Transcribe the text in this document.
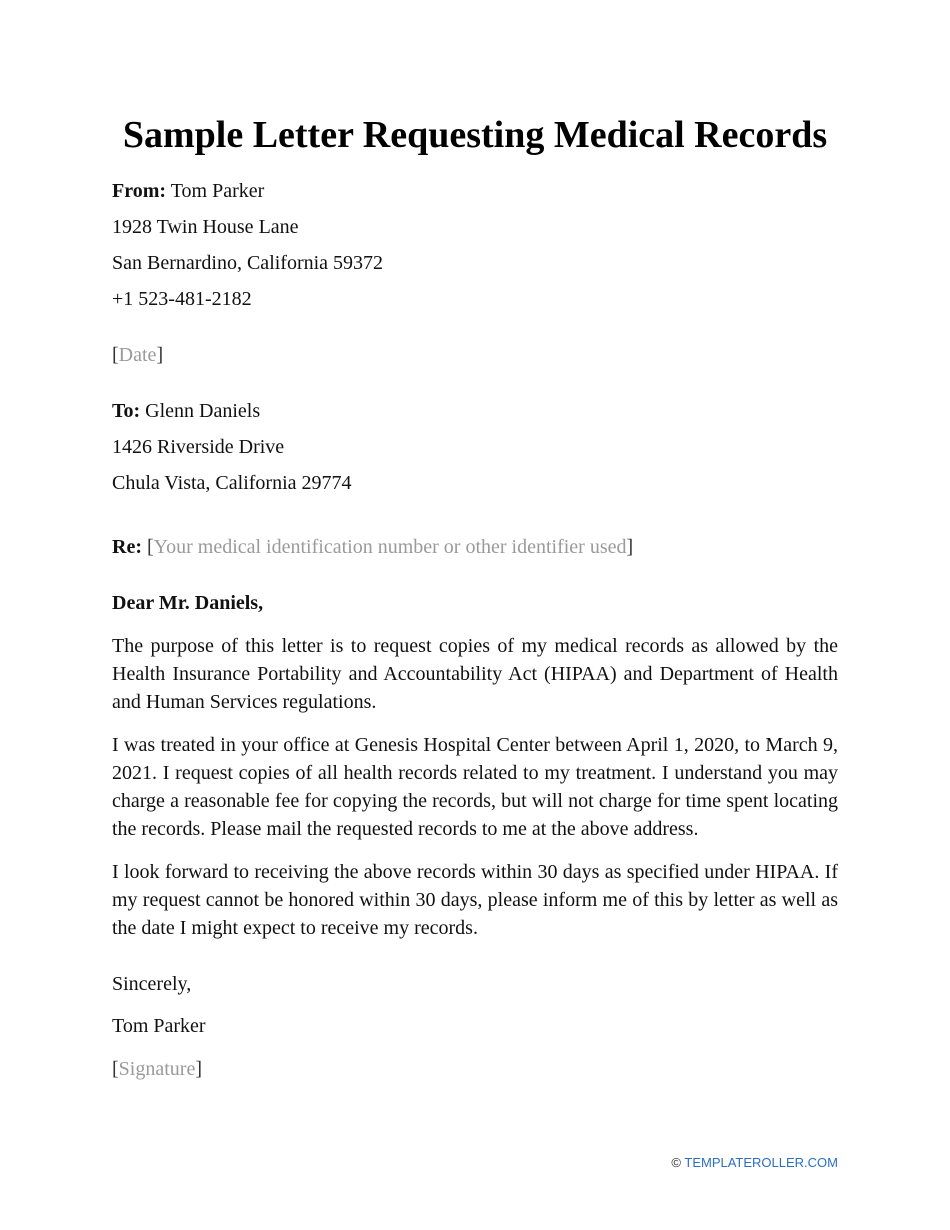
Sample Letter Requesting Medical Records

From: Tom Parker

1928 Twin House Lane

San Bernardino, California 59372

+1 523-481-2182

[Date]

To: Glenn Daniels

1426 Riverside Drive

Chula Vista, California 29774

Re: [Your medical identification number or other identifier used]

Dear Mr. Daniels,

The purpose of this letter is to request copies of my medical records as allowed by the Health Insurance Portability and Accountability Act (HIPAA) and Department of Health and Human Services regulations.

I was treated in your office at Genesis Hospital Center between April 1, 2020, to March 9, 2021. I request copies of all health records related to my treatment. I understand you may charge a reasonable fee for copying the records, but will not charge for time spent locating the records. Please mail the requested records to me at the above address.

I look forward to receiving the above records within 30 days as specified under HIPAA. If my request cannot be honored within 30 days, please inform me of this by letter as well as the date I might expect to receive my records.

Sincerely,

Tom Parker

[Signature]

© TEMPLATEROLLER.COM
